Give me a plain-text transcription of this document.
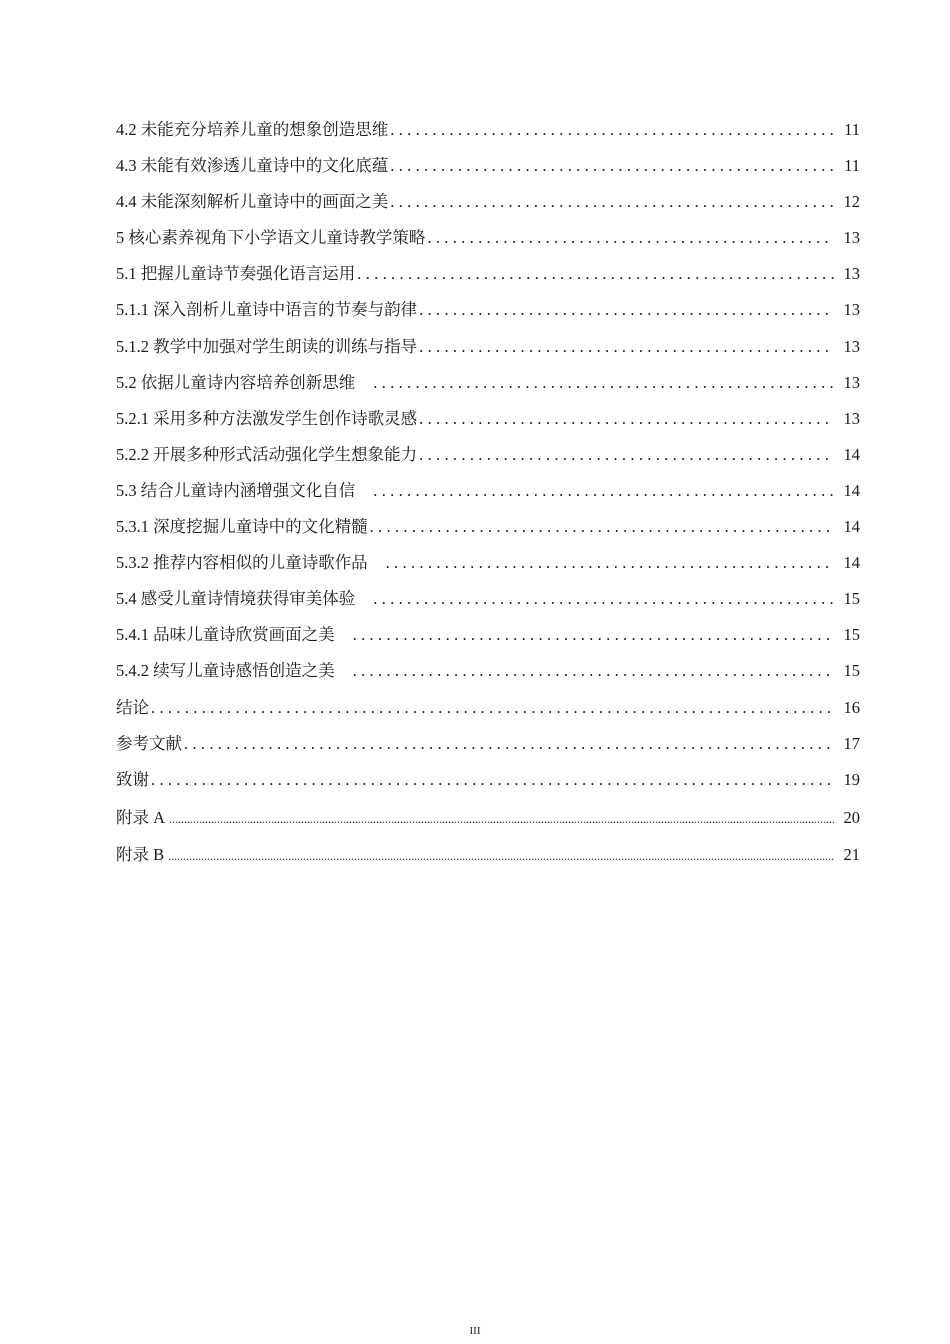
4.2 未能充分培养儿童的想象创造思维 . . .	11
4.3 未能有效渗透儿童诗中的文化底蕴 . . .	11
4.4 未能深刻解析儿童诗中的画面之美 . . .	12
5 核心素养视角下小学语文儿童诗教学策略 . . .	13
5.1 把握儿童诗节奏强化语言运用 . . .	13
5.1.1 深入剖析儿童诗中语言的节奏与韵律 . . .	13
5.1.2 教学中加强对学生朗读的训练与指导 . . .	13
5.2 依据儿童诗内容培养创新思维 . . .	13
5.2.1 采用多种方法激发学生创作诗歌灵感 . . .	13
5.2.2 开展多种形式活动强化学生想象能力 . . .	14
5.3 结合儿童诗内涵增强文化自信 . . .	14
5.3.1 深度挖掘儿童诗中的文化精髓 . . .	14
5.3.2 推荐内容相似的儿童诗歌作品 . . .	14
5.4 感受儿童诗情境获得审美体验 . . .	15
5.4.1 品味儿童诗欣赏画面之美 . . .	15
5.4.2 续写儿童诗感悟创造之美 . . .	15
结论 . . .	16
参考文献 . . .	17
致谢 . . .	19
附录 A .....	20
附录 B .....	21
III
